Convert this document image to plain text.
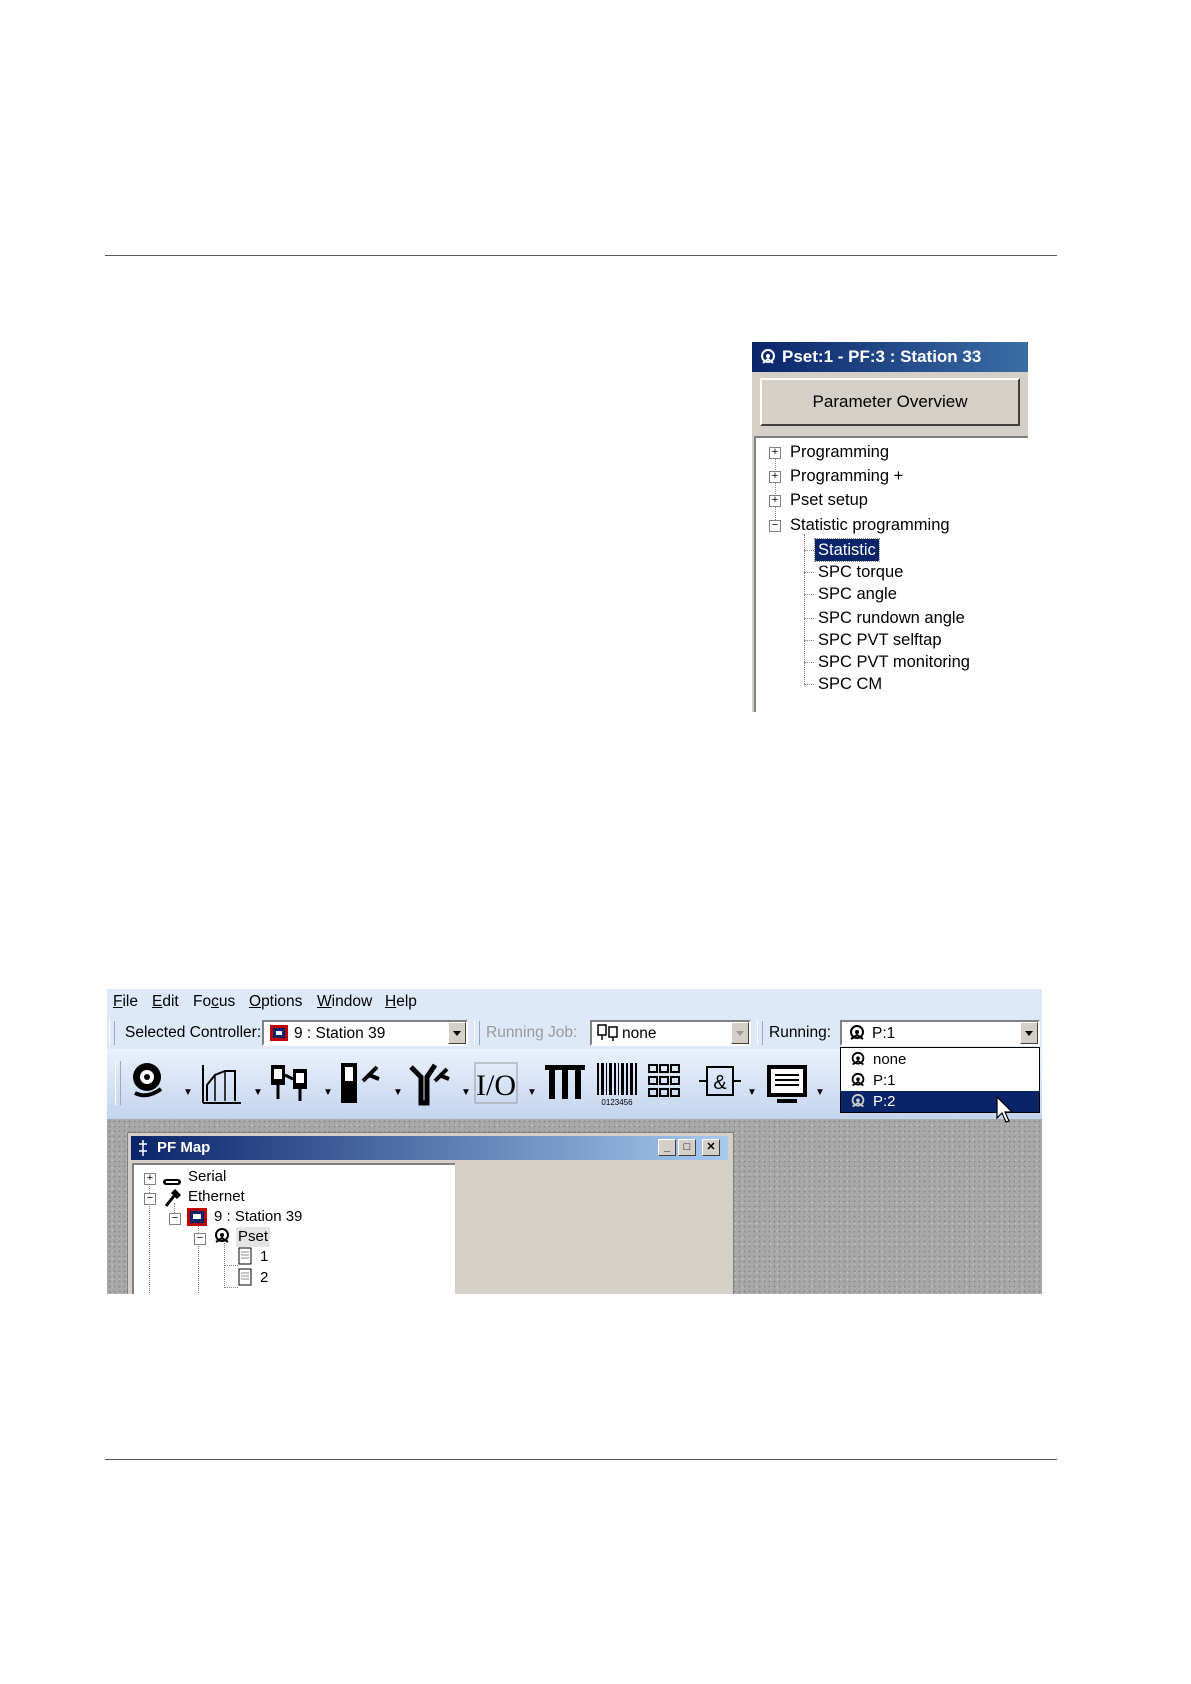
Pset:1 - PF:3 : Station 33
Parameter Overview
+ Programming
+ Programming +
+ Pset setup
− Statistic programming
Statistic
SPC torque
SPC angle
SPC rundown angle
SPC PVT selftap
SPC PVT monitoring
SPC CM
File Edit Focus Options Window Help
Selected Controller: 9 : Station 39	Running Job:	none	Running:	P:1
▼	▼	▼	▼	▼ I/O ▼
0123456
& ▼	▼
PF Map	_	□	✕
+ Serial
− Ethernet
− 9 : Station 39
− Pset
1
2
none
P:1
P:2
